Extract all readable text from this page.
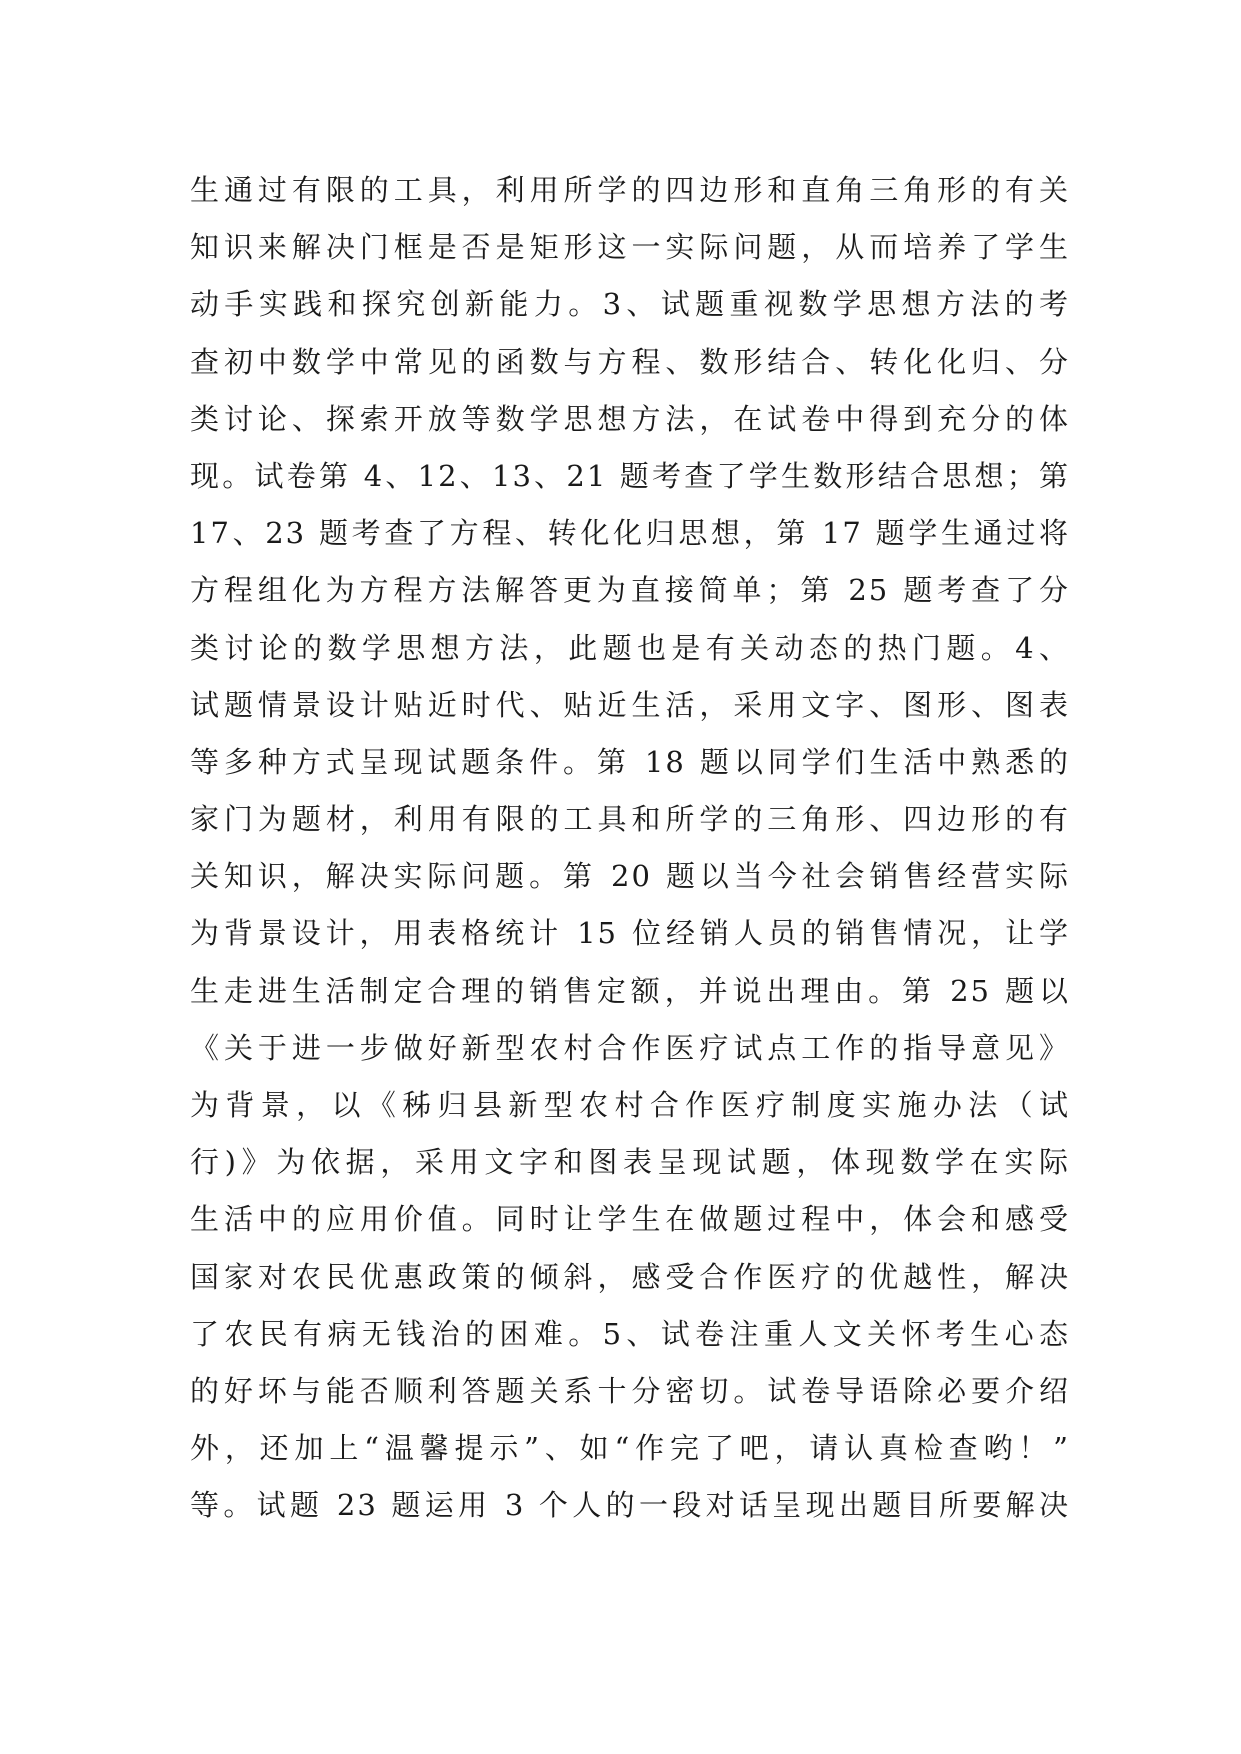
生通过有限的工具，利用所学的四边形和直角三角形的有关
知识来解决门框是否是矩形这一实际问题，从而培养了学生
动手实践和探究创新能力。3、试题重视数学思想方法的考
查初中数学中常见的函数与方程、数形结合、转化化归、分
类讨论、探索开放等数学思想方法，在试卷中得到充分的体
现。试卷第 4、12、13、21 题考查了学生数形结合思想；第
17、23 题考查了方程、转化化归思想，第 17 题学生通过将
方程组化为方程方法解答更为直接简单；第 25 题考查了分
类讨论的数学思想方法，此题也是有关动态的热门题。4、
试题情景设计贴近时代、贴近生活，采用文字、图形、图表
等多种方式呈现试题条件。第 18 题以同学们生活中熟悉的
家门为题材，利用有限的工具和所学的三角形、四边形的有
关知识，解决实际问题。第 20 题以当今社会销售经营实际
为背景设计，用表格统计 15 位经销人员的销售情况，让学
生走进生活制定合理的销售定额，并说出理由。第 25 题以
《关于进一步做好新型农村合作医疗试点工作的指导意见》
为背景，以《秭归县新型农村合作医疗制度实施办法（试
行)》为依据，采用文字和图表呈现试题，体现数学在实际
生活中的应用价值。同时让学生在做题过程中，体会和感受
国家对农民优惠政策的倾斜，感受合作医疗的优越性，解决
了农民有病无钱治的困难。5、试卷注重人文关怀考生心态
的好坏与能否顺利答题关系十分密切。试卷导语除必要介绍
外，还加上“温馨提示”、如“作完了吧，请认真检查哟！”
等。试题 23 题运用 3 个人的一段对话呈现出题目所要解决
